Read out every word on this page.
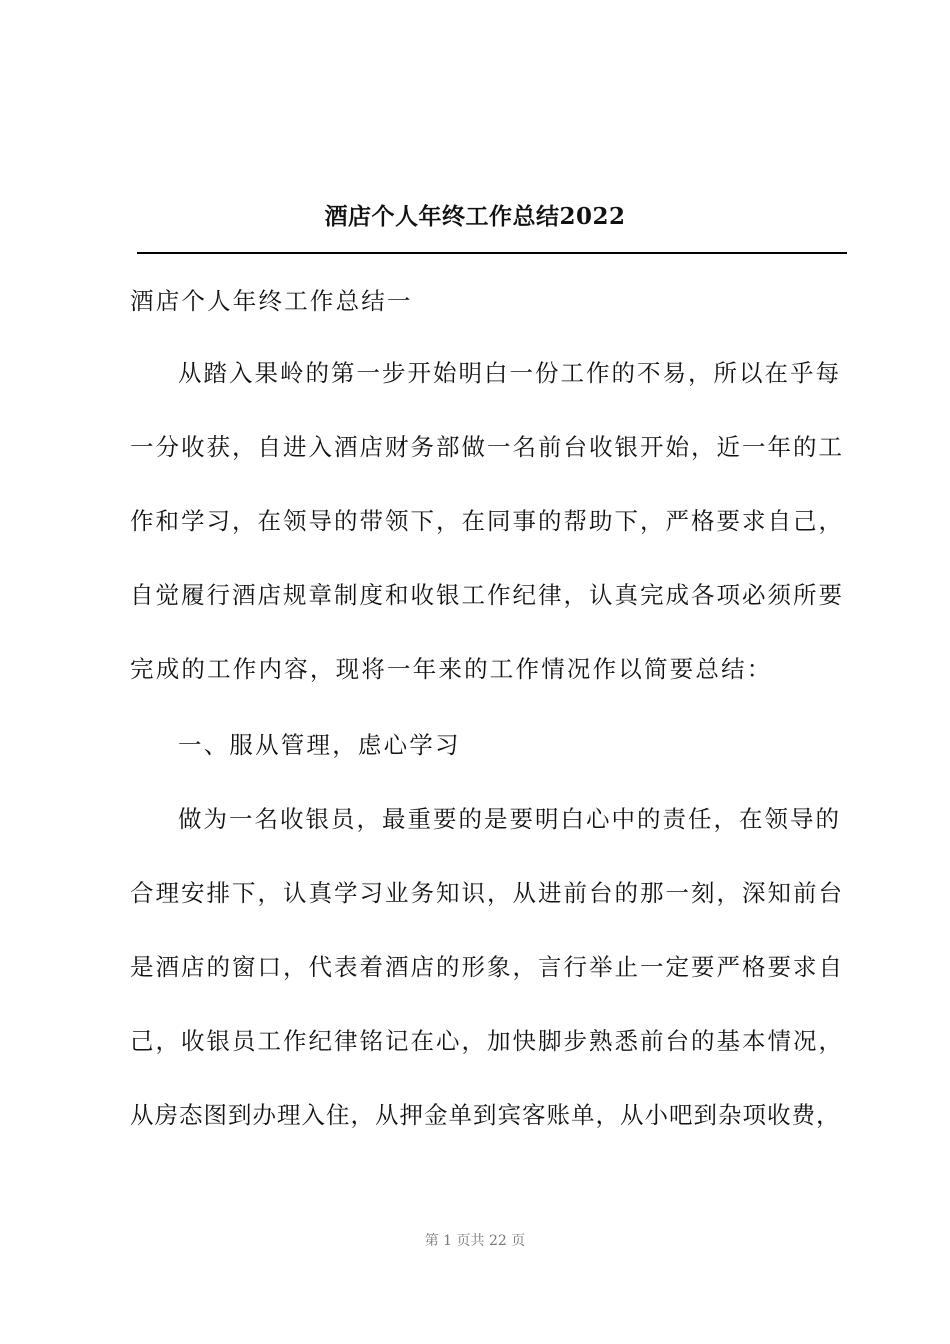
酒店个人年终工作总结2022
酒店个人年终工作总结一
从踏入果岭的第一步开始明白一份工作的不易，所以在乎每
一分收获，自进入酒店财务部做一名前台收银开始，近一年的工
作和学习，在领导的带领下，在同事的帮助下，严格要求自己，
自觉履行酒店规章制度和收银工作纪律，认真完成各项必须所要
完成的工作内容，现将一年来的工作情况作以简要总结：
一、服从管理，虑心学习
做为一名收银员，最重要的是要明白心中的责任，在领导的
合理安排下，认真学习业务知识，从进前台的那一刻，深知前台
是酒店的窗口，代表着酒店的形象，言行举止一定要严格要求自
己，收银员工作纪律铭记在心，加快脚步熟悉前台的基本情况，
从房态图到办理入住，从押金单到宾客账单，从小吧到杂项收费，
第 1 页共 22 页
